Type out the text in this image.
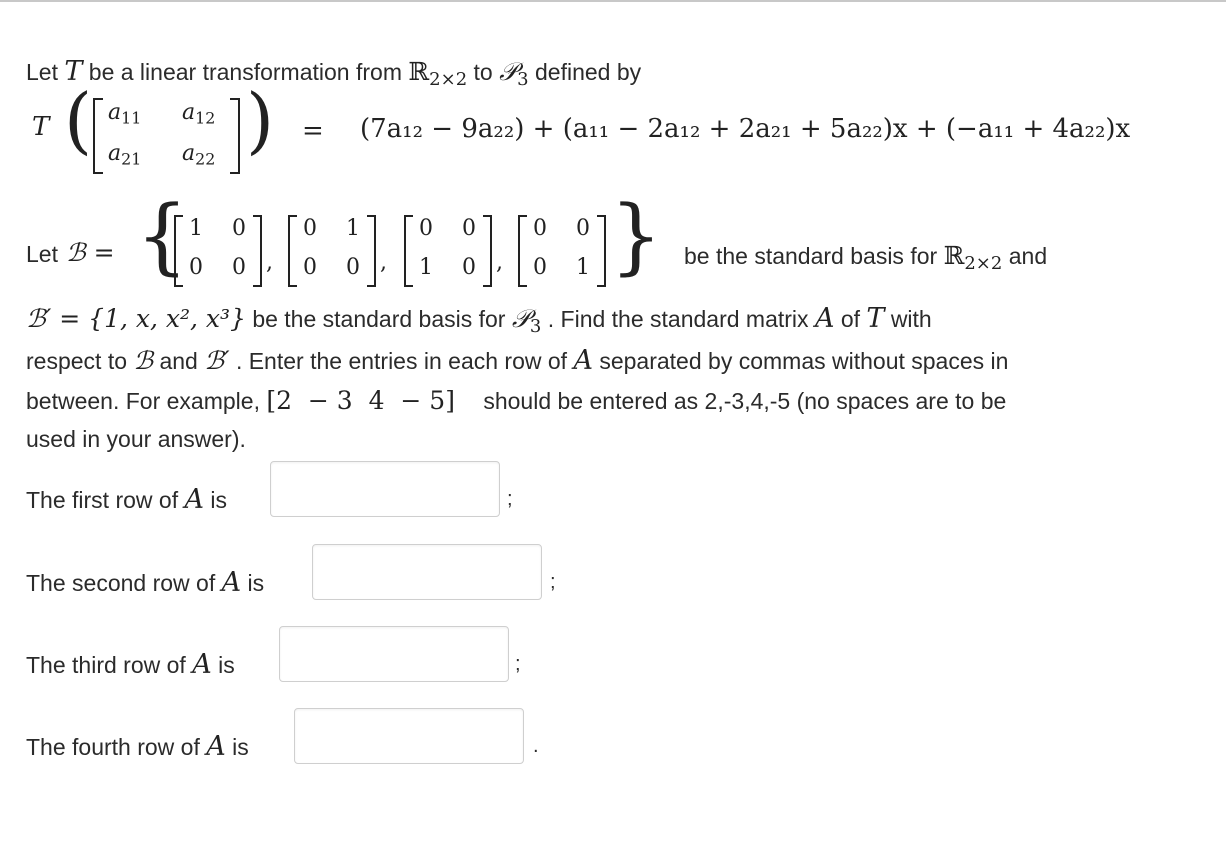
Let T be a linear transformation from ℝ$_{2\times 2}$ to 𝒫$_3$ defined by
T ( $a_{11}$ $a_{12}$
$a_{21}$ $a_{22}$ ) = (7a₁₂ − 9a₂₂) + (a₁₁ − 2a₁₂ + 2a₂₁ + 5a₂₂)x + (−a₁₁ + 4a₂₂)x
Let ℬ = { 1 0
0 0 ,
0 1
0 0 ,
0 0
1 0 ,
0 0
0 1 } be the standard basis for ℝ$_{2\times 2}$ and
ℬ′ = {1, x, x², x³} be the standard basis for 𝒫$_3$ . Find the standard matrix A of T with
respect to ℬ and ℬ′ . Enter the entries in each row of A separated by commas without spaces in
between. For example, [2  − 3  4  − 5] should be entered as 2,-3,4,-5 (no spaces are to be
used in your answer).
The first row of A is	;
The second row of A is	;
The third row of A is	;
The fourth row of A is	.
